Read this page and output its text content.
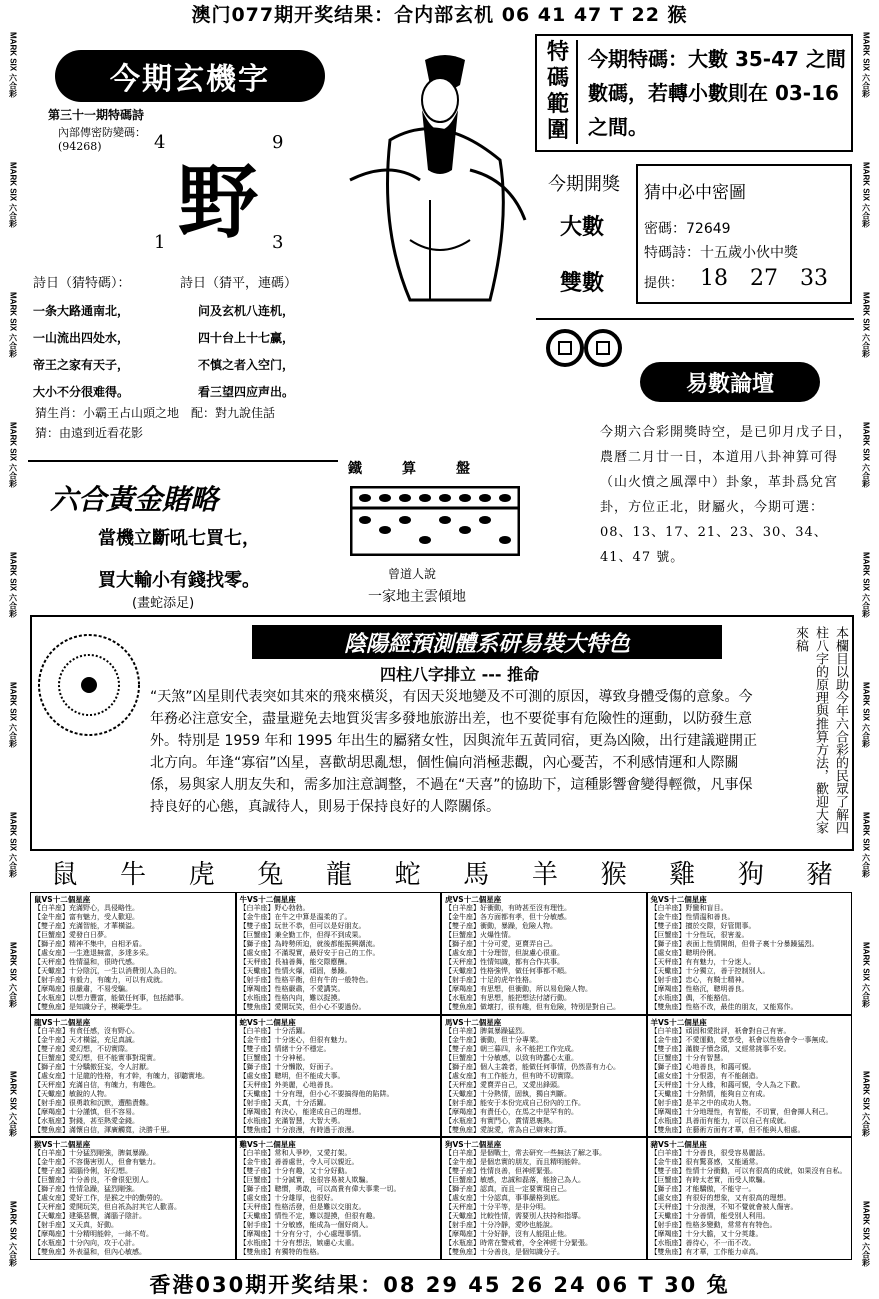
MARK SIX 六合彩
MARK SIX 六合彩
MARK SIX 六合彩
MARK SIX 六合彩
MARK SIX 六合彩
MARK SIX 六合彩
MARK SIX 六合彩
MARK SIX 六合彩
MARK SIX 六合彩
MARK SIX 六合彩
MARK SIX 六合彩
MARK SIX 六合彩
MARK SIX 六合彩
MARK SIX 六合彩
MARK SIX 六合彩
MARK SIX 六合彩
MARK SIX 六合彩
MARK SIX 六合彩
MARK SIX 六合彩
MARK SIX 六合彩
澳门077期开奖结果：合内部玄机 06 41 47 T 22 猴
香港030期开奖结果：08 29 45 26 24 06 T 30 兔
今期玄機字
第三十一期特碼詩
內部傳密防變碼：
(94268)	4	9
1	3
野
詩日（猜特碼）：	詩日（猜平，連碼）
一条大路通南北，
一山流出四处水，
帝王之家有天子，
大小不分很难得。
问及玄机八连机，
四十台上十七赢，
不慎之者入空门，
看三望四应声出。
猜生肖：小霸王占山頭之地　配：對九說佳話
猜：由遠到近看花影
特碼範圍
今期特碼：大數 35-47 之間數碼，若轉小數則在 03-16 之間。
今期開獎
大數
雙數
猜中必中密圖
密碼：72649
特碼詩：十五歲小伙中獎
提供： 18 27 33
易數論壇
今期六合彩開獎時空，是已卯月戊子日，農曆二月廿一日，本道用八卦神算可得（山火憤之風澤中）卦象，革卦爲兌宮卦，方位正北，財屬火，今期可選：08、13、17、21、23、30、34、41、47 號。
六合黃金賭略
當機立斷吼七買七，
買大輸小有錢找零。
(畫蛇添足)
鐵	算	盤
曾道人說
一家地主雲傾地
陰陽經預測體系研易裝大特色
四柱八字排立 --- 推命
“天煞”凶星則代表突如其來的飛來橫災，有因天災地變及不可測的原因，導致身體受傷的意象。今年務必注意安全，盡量避免去地質災害多發地旅游出差，也不要從事有危險性的運動，以防發生意外。特別是 1959 年和 1995 年出生的屬豬女性，因與流年五黃同宿，更為凶險，出行建議避開正北方向。年逢“寡宿”凶星，喜歡胡思亂想，個性偏向消極悲觀，內心憂苦，不利感情運和人際關係，易與家人朋友失和，需多加注意調整，不過在“天喜”的協助下，這種影響會變得輕微，凡事保持良好的心態，真誠待人，則易于保持良好的人際關係。	本欄目以助今年六合彩的民眾了解四柱八字的原理與推算方法，歡迎大家來稿
鼠	牛	虎	兔	龍	蛇	馬	羊	猴	雞	狗	豬
鼠VS十二個星座
【白羊座】充滿野心，具侵略性。
【金牛座】富有魅力，受人歡迎。
【雙子座】充滿智能，才華橫溢。
【巨蟹座】愛發白日夢。
【獅子座】精神不集中，自相矛盾。
【處女座】一生進退無當，多達多采。
【天秤座】性情溫和，很時代感。
【天蠍座】十分陰沉，一生以消費別人為目的。
【射手座】有毅力，有魄力，可以有成就。
【摩羯座】很嚴肅，不易受騙。
【水瓶座】以想力豐富，能做任何事，包括錯事。
【雙魚座】是知識分子，模範學生。
牛VS十二個星座
【白羊座】野心勃勃。
【金牛座】在牛之中算是溫柔的了。
【雙子座】玩世不恭，但可以是好朋友。
【巨蟹座】兼全勤工作，但得不到成果。
【獅子座】為時勢所迫，就後都能振興潮流。
【處女座】不滿現實，最好安于自己的工作。
【天秤座】長袖善舞，能交際應酬。
【天蠍座】性情火爆，頑固，暴躁。
【射手座】性格平衡，但有牛的一般特色。
【摩羯座】性格嚴肅，不愛講笑。
【水瓶座】性格內向，難以捉摸。
【雙魚座】愛開玩笑，但小心不要過份。
虎VS十二個星座
【白羊座】好衝動，有時甚至沒有理性。
【金牛座】各方面都有孝，但十分敏感。
【雙子座】衝動，暴躁，危險人物。
【巨蟹座】火爆性情。
【獅子座】十分可愛，更賣弄自己。
【處女座】十分理智，但說慮心很重。
【天秤座】性情知識，都有合作共事。
【天蠍座】性格強悍，做任何事都不順。
【射手座】十足的虎年性格。
【摩羯座】有思想，但衝動，所以易危險人物。
【水瓶座】有思想，能把想法付諸行動。
【雙魚座】做壞打，很有趣，但有危險，特別是對自己。
兔VS十二個星座
【白羊座】野蠻和盲目。
【金牛座】性情溫和善良。
【雙子座】擅於交際，好管閒事。
【巨蟹座】十分性玩，很害羞。
【獅子座】表面上性情開朗，但骨子裏十分暴躁猛烈。
【處女座】聰明伶俐。
【天秤座】有有魅力，十分迷人。
【天蠍座】十分獨立，善于控制別人。
【射手座】忠心，有騎士精神。
【摩羯座】性格沉，聰明善良。
【水瓶座】偶，不能豁信。
【雙魚座】性格不改，最佳的朋友，又能寫作。
龍VS十二個星座
【白羊座】有貪任感，沒有野心。
【金牛座】天才橫溢，充足真誠。
【雙子座】愛幻想，不切實際。
【巨蟹座】愛幻想，但不能實事對現實。
【獅子座】十分驕傲狂妄，令人討厭。
【處女座】十足龍的性格，有才幹，有魄力，卻聽實地。
【天秤座】充滿自信，有魄力，有趣色。
【天蠍座】敏銳的人物。
【射手座】很勇敢和沉默，遭酷責難。
【摩羯座】十分謹慎，但不容易。
【水瓶座】對錢，甚至熱愛金錢。
【雙魚座】滿懷自信，渾廣觸寬，決勝千里。
蛇VS十二個星座
【白羊座】十分活躍。
【金牛座】十分迷心，但很有魅力。
【雙子座】情緒十分不穩定。
【巨蟹座】十分神秘。
【獅子座】十分懶散，好面子。
【處女座】聰明，但不能成大事。
【天秤座】外美麗，心地善良。
【天蠍座】十分有理，但小心不要搞得他的陷阱。
【射手座】天真，十分活躍。
【摩羯座】有決心，能達成自己的理想。
【水瓶座】充滿智慧，大智大勇。
【雙魚座】十分浪漫，有時過于浪漫。
馬VS十二個星座
【白羊座】脾氣暴躁猛烈。
【金牛座】衝動，但十分專業。
【雙子座】朝三暮四，永不能把工作完成。
【巨蟹座】十分敏感，以致有時蠢心太重。
【獅子座】個人主義者，能做任何事情，仍然喜有力心。
【處女座】有工作能力，但有時不切實際。
【天秤座】愛賣弄自己，又愛出鋒頭。
【天蠍座】十分熱情，固執，獨自判斷。
【射手座】能安于本份完成自己份內的工作。
【摩羯座】有責任心，在馬之中是罕有的。
【水瓶座】有實門心，賞情恩裏熱。
【雙魚座】愛說愛，常為自己辯來打算。
羊VS十二個星座
【白羊座】頑固和愛批評，祇會對自己有害。
【金牛座】不愛運動，愛享受，祇會以性格會令一事無成。
【雙子座】滿腹子憤念頭，又經常挑事不安。
【巨蟹座】十分有智慧。
【獅子座】心地善良，和藹可親。
【處女座】十分恨惡，有不能創造。
【天秤座】十分人緣，和藹可親，令人為之下歡。
【天蠍座】十分熱情，能夠自立有成。
【射手座】是羊之中的成功人物。
【摩羯座】十分地理性，有智能，不切實，但會揮人利己。
【水瓶座】具善而有能力，可以自己有成就。
【雙魚座】在藝術方面有才華，但不能與人相處。
猴VS十二個星座
【白羊座】十分猛烈剛強，脾氣暴躁。
【金牛座】不容傷害別人，但會有魅力。
【雙子座】頭腦伶俐，好幻想。
【巨蟹座】十分善良，不會很犯別人。
【獅子座】性情急躁，猛烈剛強。
【處女座】愛好工作，是猴之中的勤勞的。
【天秤座】愛開玩笑，但自祇為討其它人歡喜。
【天蠍座】建築惡價，滿腦子陰計。
【射手座】又天真，好動。
【摩羯座】十分精明能幹，一絲不苟。
【水瓶座】十分內向，攻于心計。
【雙魚座】外表溫和，但內心敏感。
雞VS十二個星座
【白羊座】常和人爭吵，又愛打架。
【金牛座】善善處世，令人可以親近。
【雙子座】十分有趣，又十分好動。
【巨蟹座】十分誠實，也很容易被人欺騙。
【獅子座】聰慣，勇敢，可以高貴有偉大事業一切。
【處女座】十分雄厚，也很好。
【天秤座】性格活發，但是難以交朋友。
【天蠍座】情性不定，難以提摸，但很有趣。
【射手座】十分敏感，能成為一個好商人。
【摩羯座】十分有分寸，小心處理事情。
【水瓶座】十分有想法，嫉慮心太重。
【雙魚座】有獨特的性格。
狗VS十二個星座
【白羊座】是個戰士，常去研究一些無法了解之事。
【金牛座】是個忠實的朋友，而且精明能幹。
【雙子座】性情良善，但神經緊張。
【巨蟹座】敏感，忠誠和磊落，能捨己為人。
【獅子座】認真，而且一定要實現自己。
【處女座】十分認真，事事嚴格到底。
【天秤座】十分平等，是非分明。
【天蠍座】比較性情，需要別人扶持和指導。
【射手座】十分冷靜，愛吵也能說。
【摩羯座】十分好靜，沒有人能阻止他。
【水瓶座】時常在警戒着，令全神經十分緊張。
【雙魚座】十分善良，是個知識分子。
豬VS十二個星座
【白羊座】十分善良，很受容易麗話。
【金牛座】很有驚喜感，又能通常。
【雙子座】性情十分衝動，可以有很高的成就，如果沒有自私。
【巨蟹座】有時太老實，而受人欺騙。
【獅子座】才能驕傲，不能守一。
【處女座】有很好的想象，又有很高的理想。
【天秤座】十分浪漫，不知不覺就會被人傷害。
【天蠍座】十分善情，能受別人利用。
【射手座】性格多變動，常常有有特色。
【摩羯座】十分大膽，又十分英雄。
【水瓶座】善待心，不一而不改。
【雙魚座】有才華，工作能力卓高。
